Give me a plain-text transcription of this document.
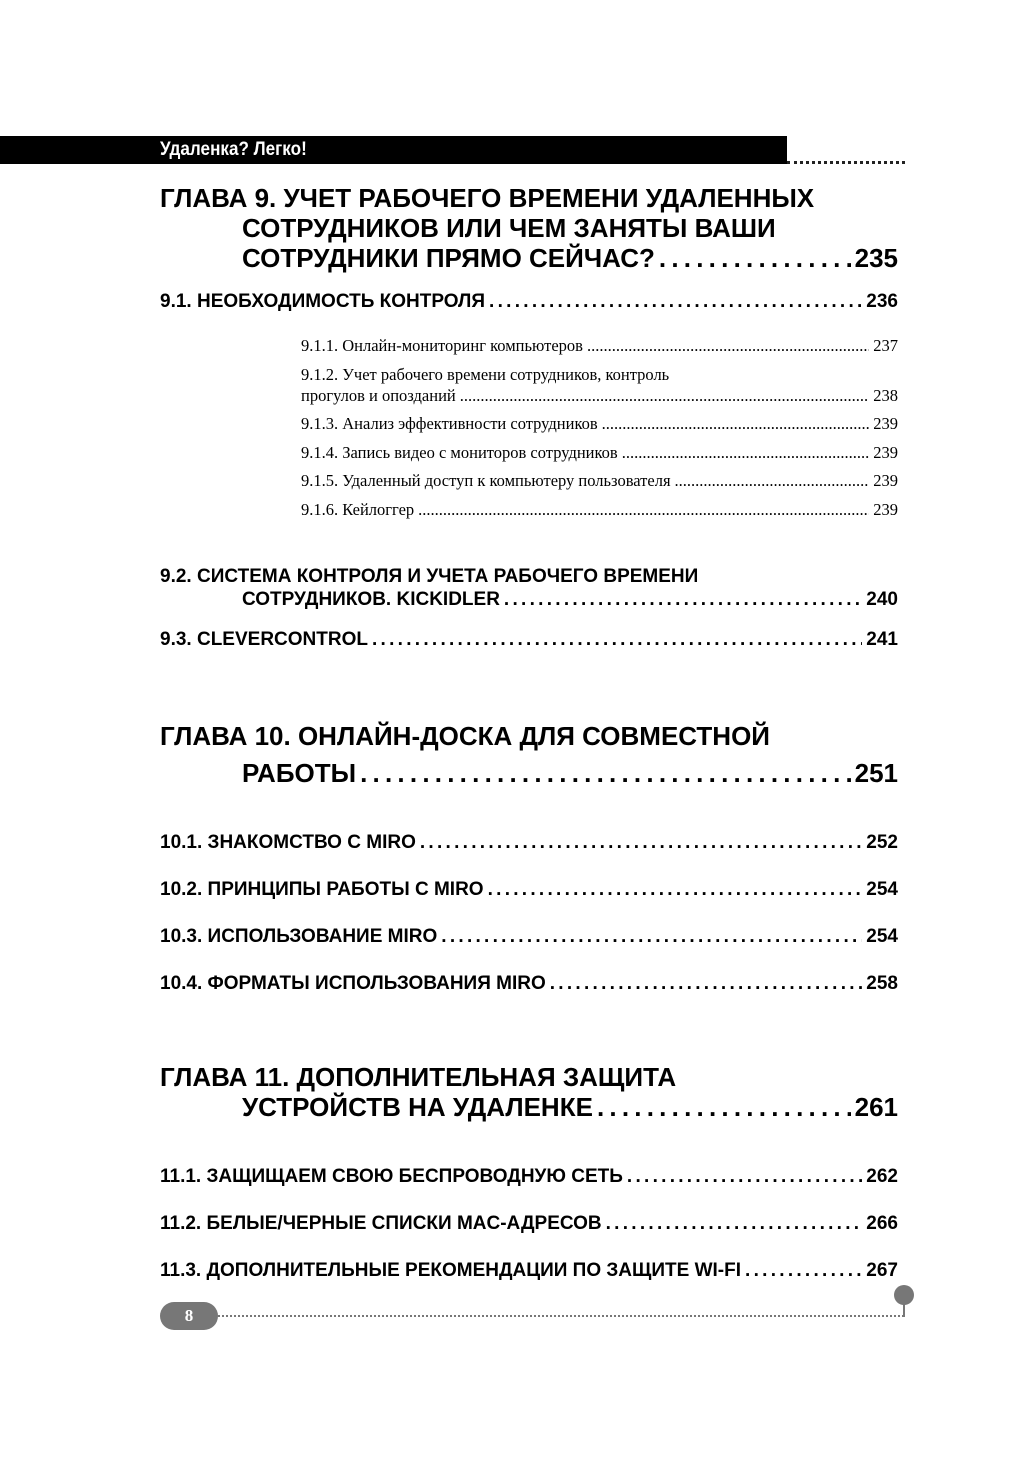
Удаленка? Легко!
ГЛАВА 9. УЧЕТ РАБОЧЕГО ВРЕМЕНИ УДАЛЕННЫХ
СОТРУДНИКОВ ИЛИ ЧЕМ ЗАНЯТЫ ВАШИ
СОТРУДНИКИ ПРЯМО СЕЙЧАС? . . .	235
9.1. НЕОБХОДИМОСТЬ КОНТРОЛЯ . . .	236
9.1.1. Онлайн-мониторинг компьютеров .....	237
9.1.2. Учет рабочего времени сотрудников, контроль
прогулов и опозданий .....	238
9.1.3. Анализ эффективности сотрудников .....	239
9.1.4. Запись видео с мониторов сотрудников .....	239
9.1.5. Удаленный доступ к компьютеру пользователя .....	239
9.1.6. Кейлоггер .....	239
9.2. СИСТЕМА КОНТРОЛЯ И УЧЕТА РАБОЧЕГО ВРЕМЕНИ
СОТРУДНИКОВ. KICKIDLER . . .	240
9.3. CLEVERCONTROL . . .	241
ГЛАВА 10. ОНЛАЙН-ДОСКА ДЛЯ СОВМЕСТНОЙ
РАБОТЫ . . .	251
10.1. ЗНАКОМСТВО С MIRO . . .	252
10.2. ПРИНЦИПЫ РАБОТЫ С MIRO . . .	254
10.3. ИСПОЛЬЗОВАНИЕ MIRO . . .	254
10.4. ФОРМАТЫ ИСПОЛЬЗОВАНИЯ MIRO . . .	258
ГЛАВА 11. ДОПОЛНИТЕЛЬНАЯ ЗАЩИТА
УСТРОЙСТВ НА УДАЛЕНКЕ . . .	261
11.1. ЗАЩИЩАЕМ СВОЮ БЕСПРОВОДНУЮ СЕТЬ . . .	262
11.2. БЕЛЫЕ/ЧЕРНЫЕ СПИСКИ MAC-АДРЕСОВ . . .	266
11.3. ДОПОЛНИТЕЛЬНЫЕ РЕКОМЕНДАЦИИ ПО ЗАЩИТЕ WI-FI . . .	267
8
